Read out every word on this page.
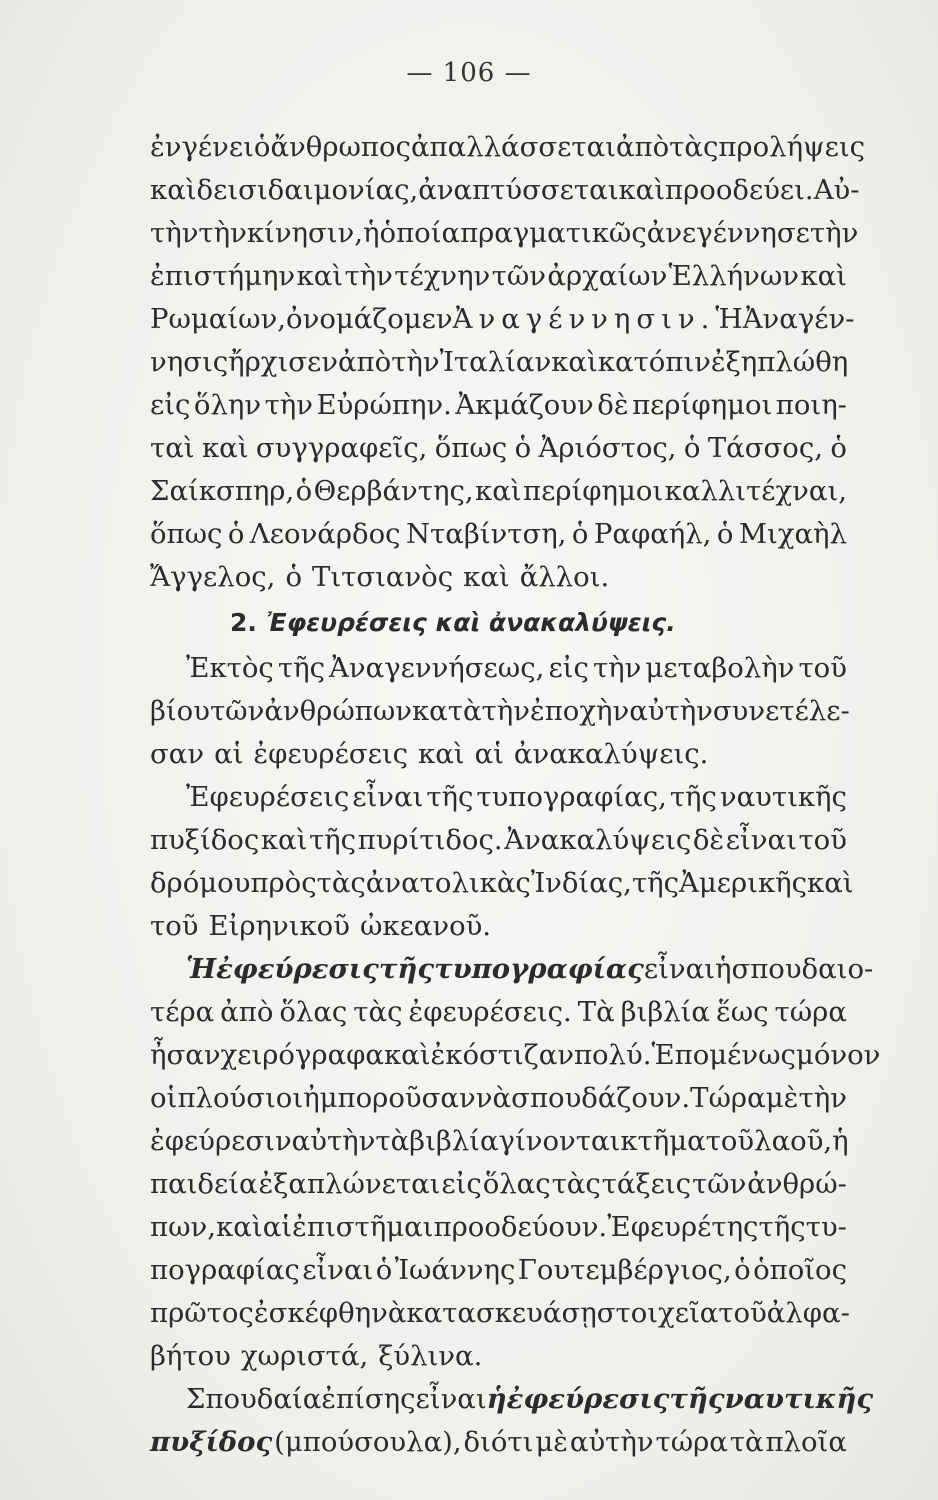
— 106 —
ἐν γένει ὁ ἄνθρωπος ἀπαλλάσσεται ἀπὸ τὰς προλήψεις
καὶ δεισιδαιμονίας, ἀναπτύσσεται καὶ προοδεύει. Αὐ-
τὴν τὴν κίνησιν, ἡ ὁποία πραγματικῶς ἀνεγέννησε τὴν
ἐπιστήμην καὶ τὴν τέχνην τῶν ἀρχαίων Ἑλλήνων καὶ
Ρωμαίων, ὀνομάζομεν Ἀναγέννησιν. Ἡ Ἀναγέν-
νησις ἤρχισεν ἀπὸ τὴν Ἰταλίαν καὶ κατόπιν ἐξηπλώθη
εἰς ὅλην τὴν Εὐρώπην. Ἀκμάζουν δὲ περίφημοι ποιη-
ταὶ καὶ συγγραφεῖς, ὅπως ὁ Ἀριόστος, ὁ Τάσσος, ὁ
Σαίκσπηρ, ὁ Θερβάντης, καὶ περίφημοι καλλιτέχναι,
ὅπως ὁ Λεονάρδος Νταβίντση, ὁ Ραφαήλ, ὁ Μιχαὴλ
Ἄγγελος, ὁ Τιτσιανὸς καὶ ἄλλοι.
2. Ἐφευρέσεις καὶ ἀνακαλύψεις.
Ἐκτὸς τῆς Ἀναγεννήσεως, εἰς τὴν μεταβολὴν τοῦ
βίου τῶν ἀνθρώπων κατὰ τὴν ἐποχὴν αὐτὴν συνετέλε-
σαν αἱ ἐφευρέσεις καὶ αἱ ἀνακαλύψεις.
Ἐφευρέσεις εἶναι τῆς τυπογραφίας, τῆς ναυτικῆς
πυξίδος καὶ τῆς πυρίτιδος. Ἀνακαλύψεις δὲ εἶναι τοῦ
δρόμου πρὸς τὰς ἀνατολικὰς Ἰνδίας, τῆς Ἀμερικῆς καὶ
τοῦ Εἰρηνικοῦ ὠκεανοῦ.
Ἡ ἐφεύρεσις τῆς τυπογραφίας εἶναι ἡ σπουδαιο-
τέρα ἀπὸ ὅλας τὰς ἐφευρέσεις. Τὰ βιβλία ἕως τώρα
ἦσαν χειρόγραφα καὶ ἐκόστιζαν πολύ. Ἑπομένως μόνον
οἱ πλούσιοι ἠμποροῦσαν νὰ σπουδάζουν. Τώρα μὲ τὴν
ἐφεύρεσιν αὐτὴν τὰ βιβλία γίνονται κτῆμα τοῦ λαοῦ, ἡ
παιδεία ἐξαπλώνεται εἰς ὅλας τὰς τάξεις τῶν ἀνθρώ-
πων, καὶ αἱ ἐπιστῆμαι προοδεύουν. Ἐφευρέτης τῆς τυ-
πογραφίας εἶναι ὁ Ἰωάννης Γουτεμβέργιος, ὁ ὁποῖος
πρῶτος ἐσκέφθη νὰ κατασκευάσῃ στοιχεῖα τοῦ ἀλφα-
βήτου χωριστά, ξύλινα.
Σπουδαία ἐπίσης εἶναι ἡ ἐφεύρεσις τῆς ναυτικῆς
πυξίδος (μπούσουλα), διότι μὲ αὐτὴν τώρα τὰ πλοῖα
